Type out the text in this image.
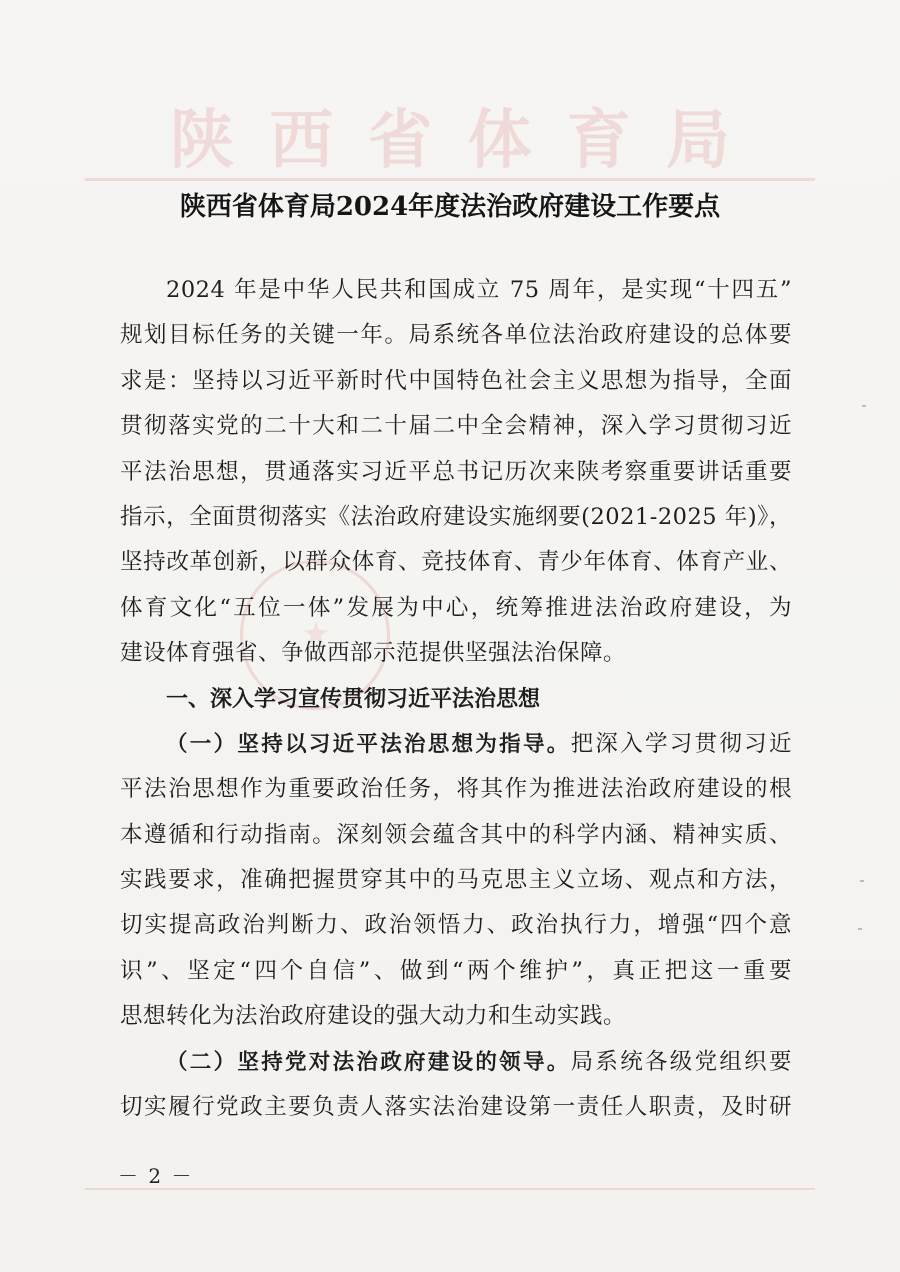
陕 西 省 体 育 局
陕西省体育局2024年度法治政府建设工作要点
2024 年是中华人民共和国成立 75 周年，是实现“十四五”
规划目标任务的关键一年。局系统各单位法治政府建设的总体要
求是：坚持以习近平新时代中国特色社会主义思想为指导，全面
贯彻落实党的二十大和二十届二中全会精神，深入学习贯彻习近
平法治思想，贯通落实习近平总书记历次来陕考察重要讲话重要
指示，全面贯彻落实《法治政府建设实施纲要(2021-2025 年)》，
坚持改革创新，以群众体育、竞技体育、青少年体育、体育产业、
体育文化“五位一体”发展为中心，统筹推进法治政府建设，为
建设体育强省、争做西部示范提供坚强法治保障。
一、深入学习宣传贯彻习近平法治思想
（一）坚持以习近平法治思想为指导。把深入学习贯彻习近
平法治思想作为重要政治任务，将其作为推进法治政府建设的根
本遵循和行动指南。深刻领会蕴含其中的科学内涵、精神实质、
实践要求，准确把握贯穿其中的马克思主义立场、观点和方法，
切实提高政治判断力、政治领悟力、政治执行力，增强“四个意
识”、坚定“四个自信”、做到“两个维护”，真正把这一重要
思想转化为法治政府建设的强大动力和生动实践。
（二）坚持党对法治政府建设的领导。局系统各级党组织要
切实履行党政主要负责人落实法治建设第一责任人职责，及时研
－ 2 －
